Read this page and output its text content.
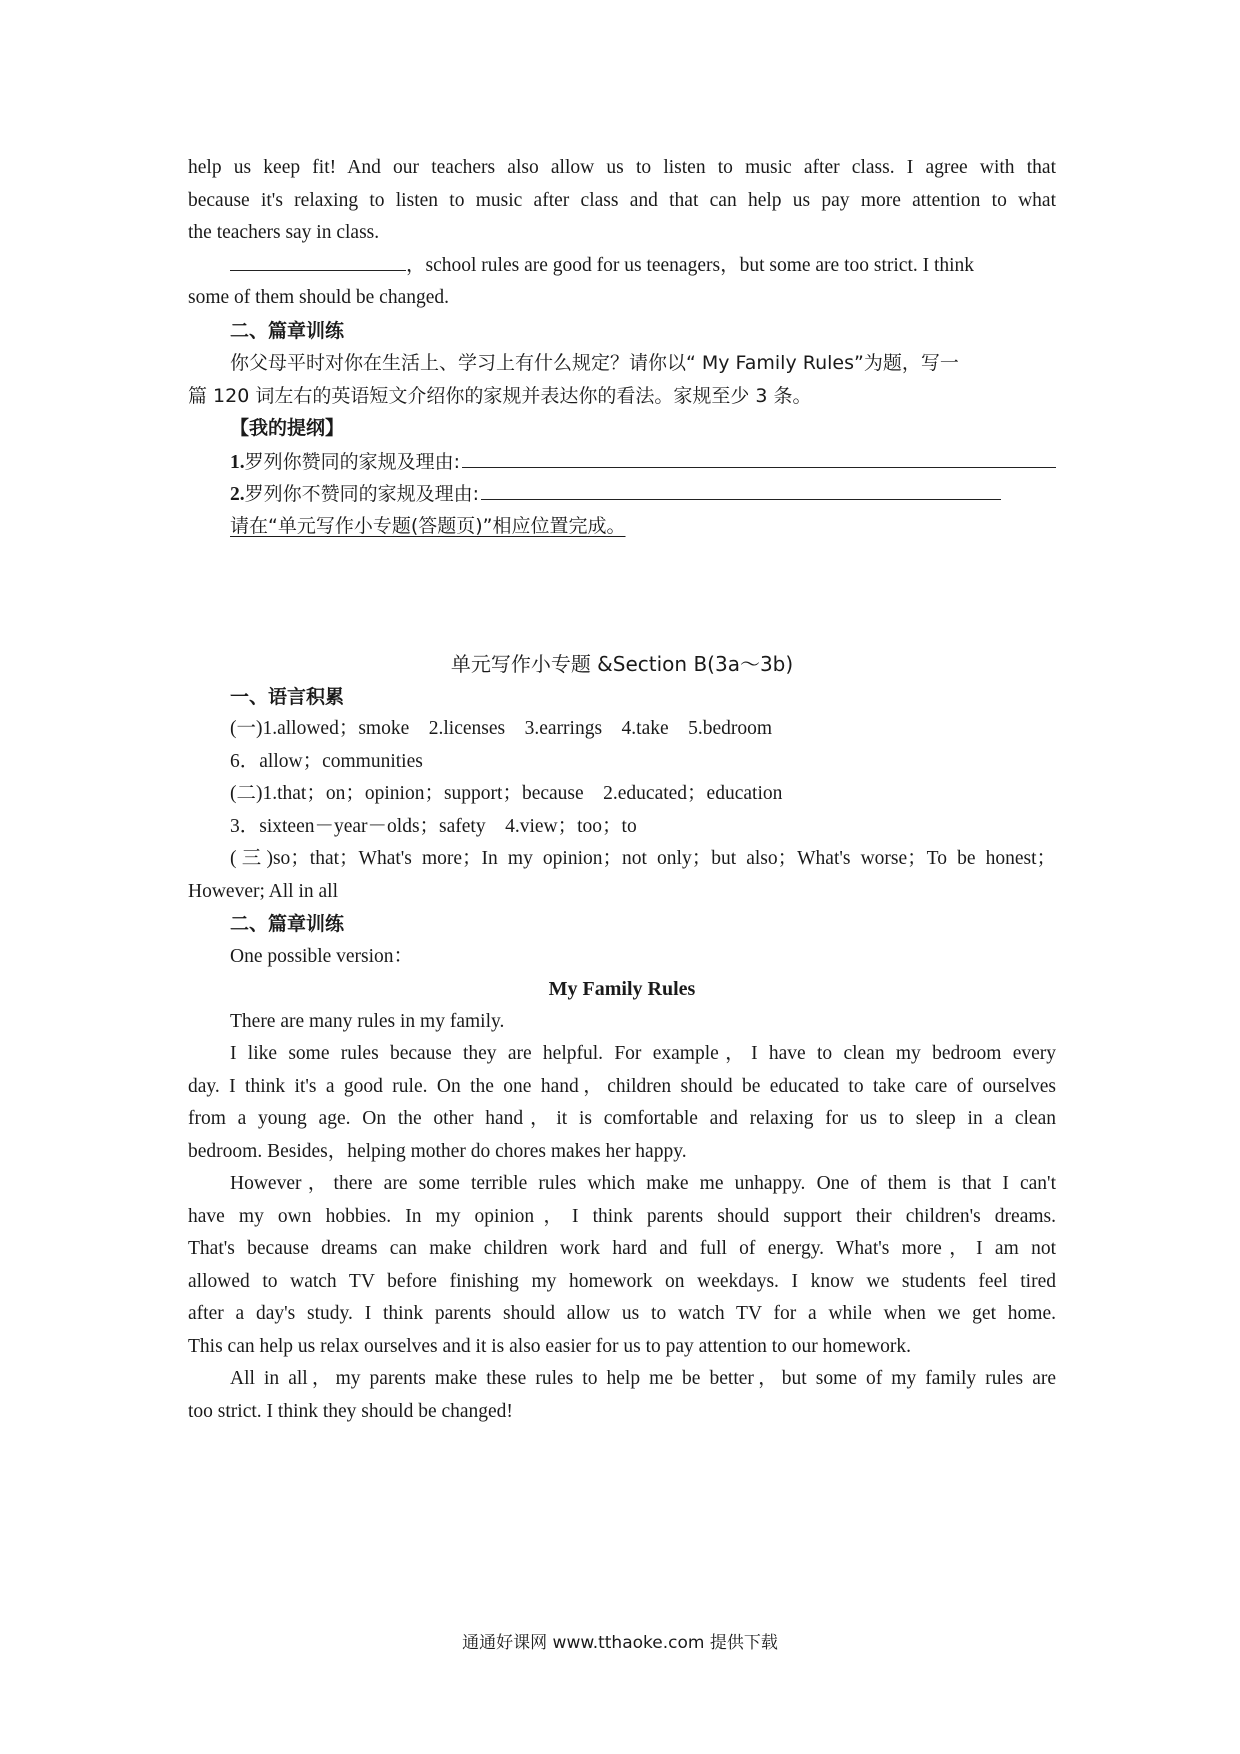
help us keep fit! And our teachers also allow us to listen to music after class. I agree with that
because it's relaxing to listen to music after class and that can help us pay more attention to what
the teachers say in class.
，school rules are good for us teenagers，but some are too strict. I think
some of them should be changed.
二、篇章训练
你父母平时对你在生活上、学习上有什么规定？请你以“ My Family Rules”为题，写一
篇 120 词左右的英语短文介绍你的家规并表达你的看法。家规至少 3 条。
【我的提纲】
1. 罗列你赞同的家规及理由:
2. 罗列你不赞同的家规及理由:
请在“单元写作小专题(答题页)”相应位置完成。
单元写作小专题 &Section B(3a～3b)
一、语言积累
(一)1.allowed；smoke　2.licenses　3.earrings　4.take　5.bedroom
6．allow；communities
(二)1.that；on；opinion；support；because　2.educated；education
3．sixteen－year－olds；safety　4.view；too；to
(三)so；that；What's more；In my opinion；not only；but also；What's worse；To be honest；
However; All in all
二、篇章训练
One possible version：
My Family Rules
There are many rules in my family.
I like some rules because they are helpful. For example，I have to clean my bedroom every
day. I think it's a good rule. On the one hand，children should be educated to take care of ourselves
from a young age. On the other hand，it is comfortable and relaxing for us to sleep in a clean
bedroom. Besides，helping mother do chores makes her happy.
However，there are some terrible rules which make me unhappy. One of them is that I can't
have my own hobbies. In my opinion，I think parents should support their children's dreams.
That's because dreams can make children work hard and full of energy. What's more，I am not
allowed to watch TV before finishing my homework on weekdays. I know we students feel tired
after a day's study. I think parents should allow us to watch TV for a while when we get home.
This can help us relax ourselves and it is also easier for us to pay attention to our homework.
All in all，my parents make these rules to help me be better，but some of my family rules are
too strict. I think they should be changed!
通通好课网 www.tthaoke.com 提供下载
